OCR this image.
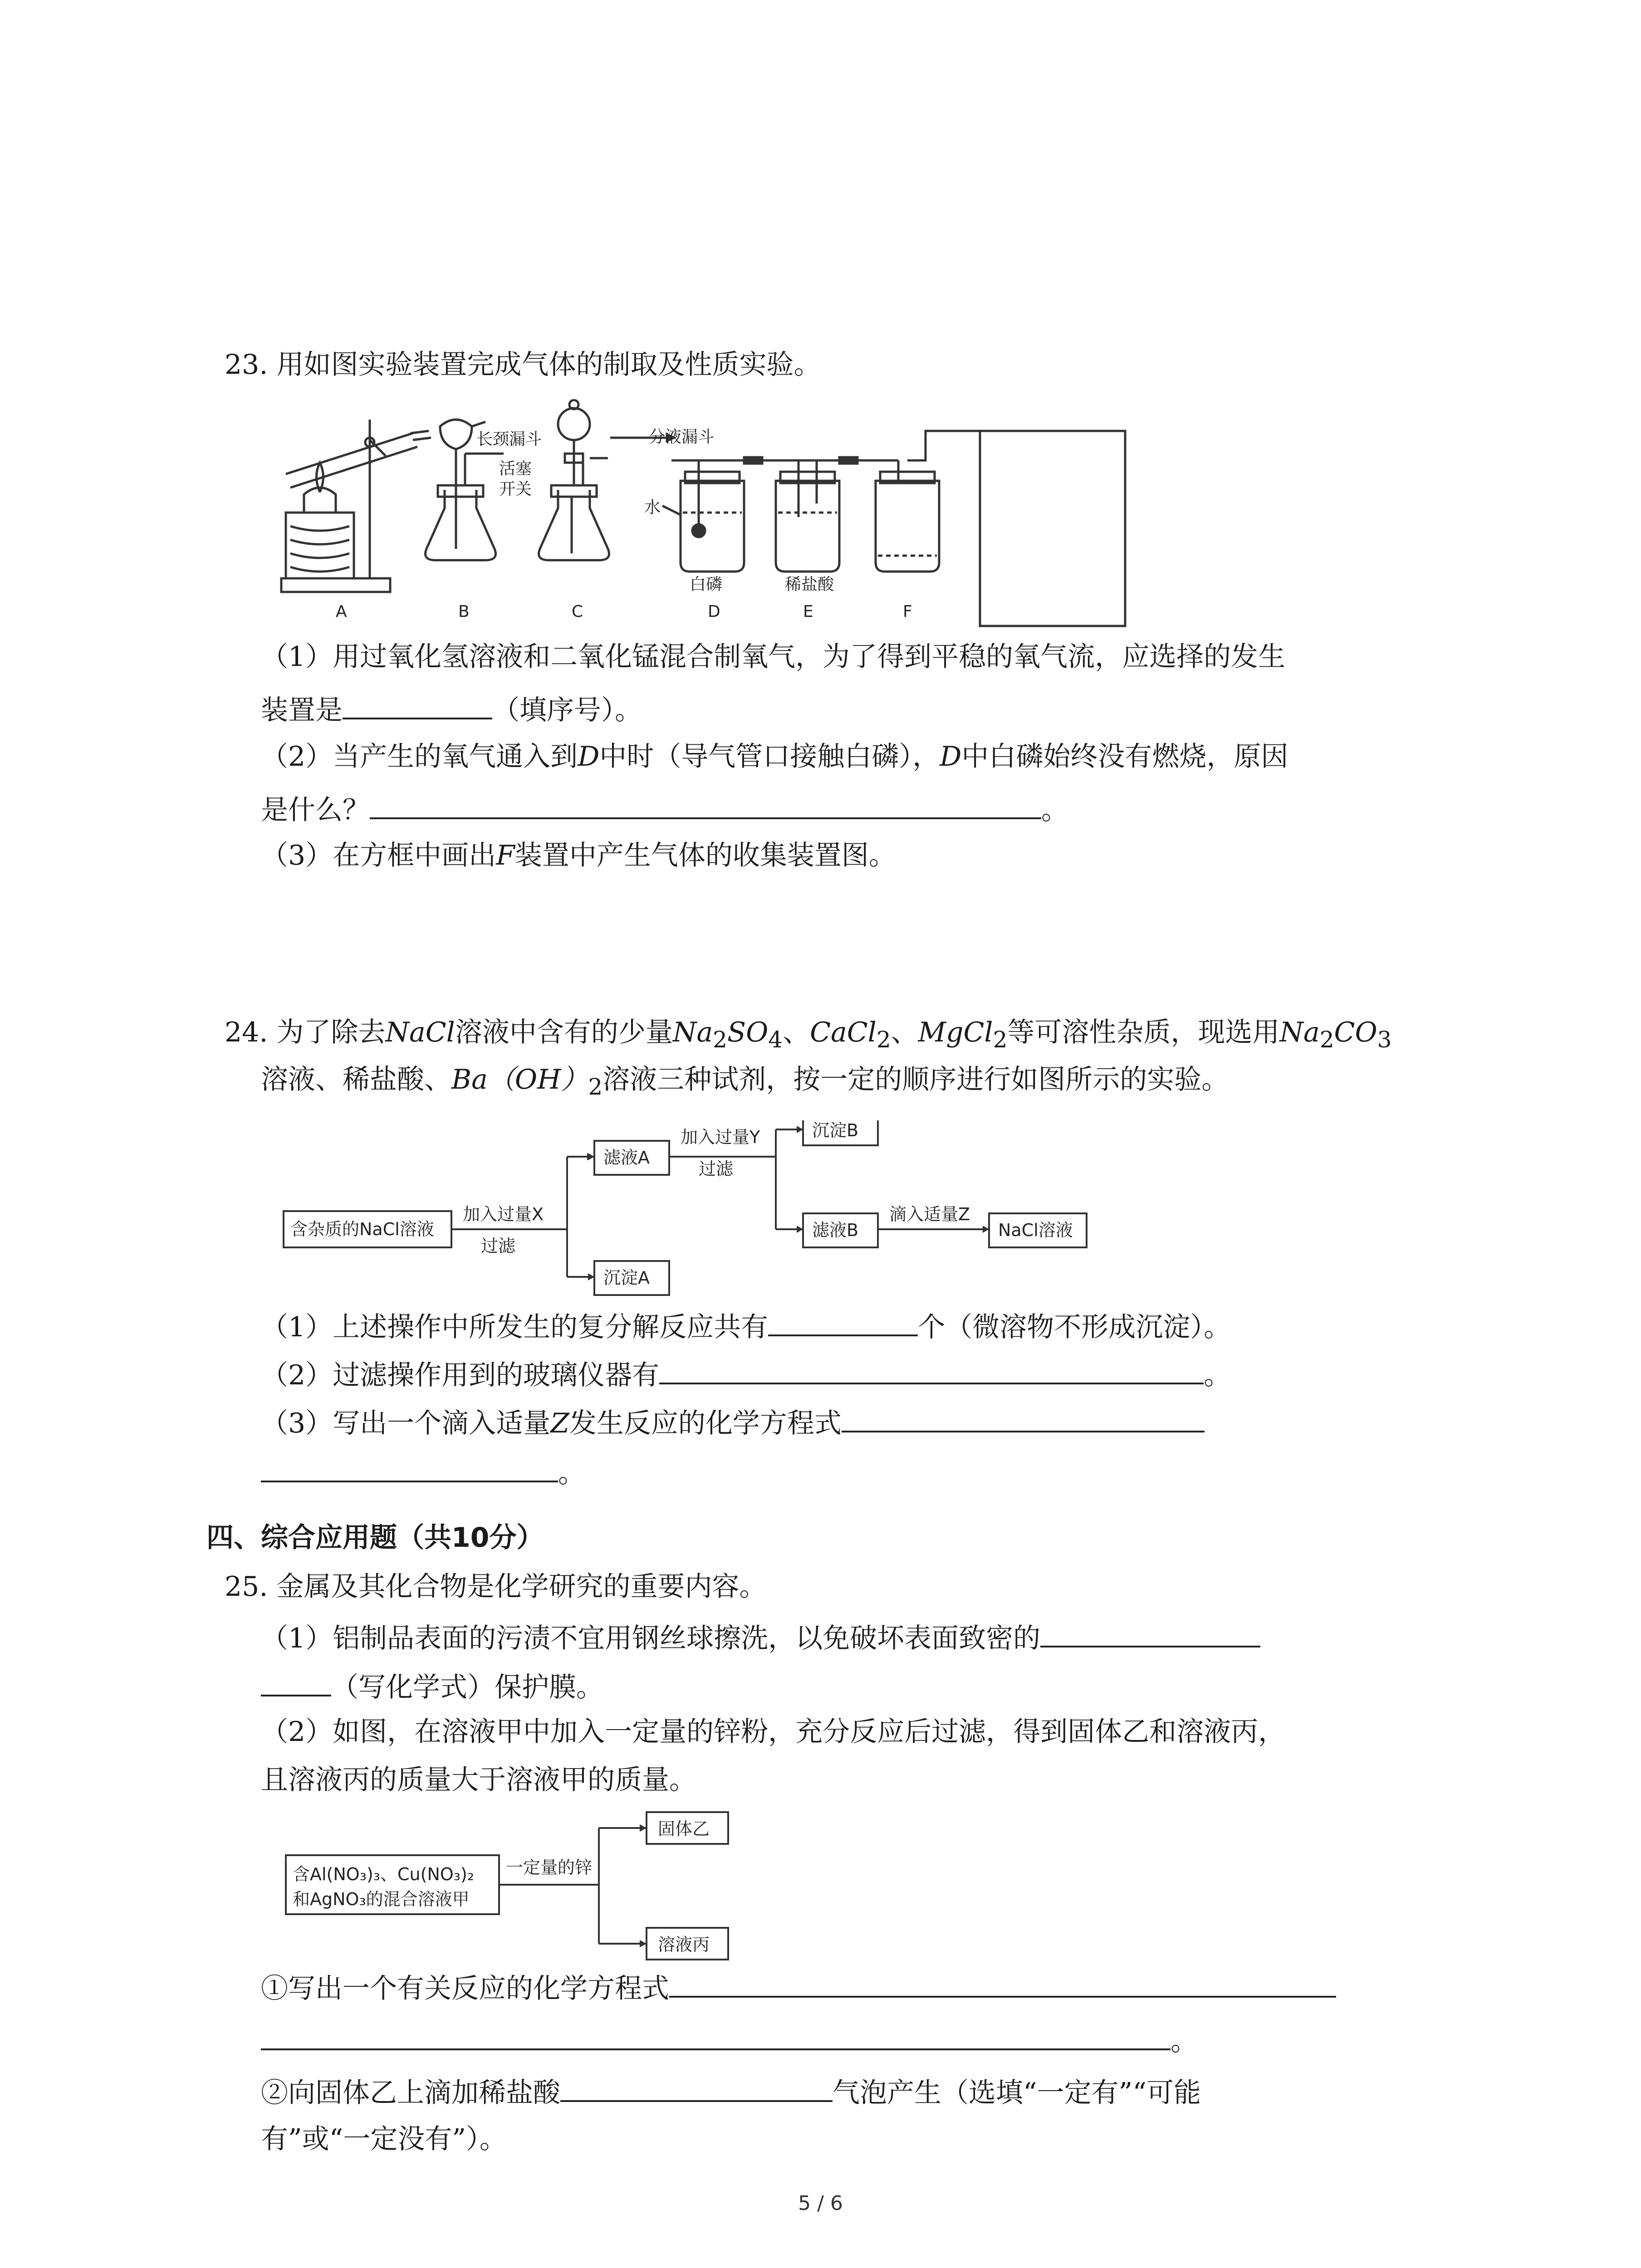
23. 用如图实验装置完成气体的制取及性质实验。
长颈漏斗	分液漏斗
活塞
开关
水
白磷	稀盐酸
A	B	C	D	E	F
（1）用过氧化氢溶液和二氧化锰混合制氧气，为了得到平稳的氧气流，应选择的发生
装置是	（填序号）。
（2）当产生的氧气通入到D中时（导气管口接触白磷），D中白磷始终没有燃烧，原因
是什么？	。
（3）在方框中画出F装置中产生气体的收集装置图。
24. 为了除去NaCl溶液中含有的少量$Na_2SO_4$、CaCl$_2$、MgCl$_2$等可溶性杂质，现选用$Na_2CO_3$
溶液、稀盐酸、$Ba(OH)_2$溶液三种试剂，按一定的顺序进行如图所示的实验。
含杂质的NaCl溶液
加入过量X
过滤
滤液A
沉淀A
加入过量Y
过滤
沉淀B
滤液B
滴入适量Z
NaCl溶液
（1）上述操作中所发生的复分解反应共有	个（微溶物不形成沉淀）。
（2）过滤操作用到的玻璃仪器有	。
（3）写出一个滴入适量Z发生反应的化学方程式
。
四、综合应用题（共10分）
25. 金属及其化合物是化学研究的重要内容。
（1）铝制品表面的污渍不宜用钢丝球擦洗，以免破坏表面致密的
（写化学式）保护膜。
（2）如图，在溶液甲中加入一定量的锌粉，充分反应后过滤，得到固体乙和溶液丙，
且溶液丙的质量大于溶液甲的质量。
含Al(NO₃)₃、Cu(NO₃)₂
和AgNO₃的混合溶液甲
一定量的锌
固体乙
溶液丙
①写出一个有关反应的化学方程式
。
②向固体乙上滴加稀盐酸	气泡产生（选填“一定有”“可能
有”或“一定没有”）。
5 / 6
